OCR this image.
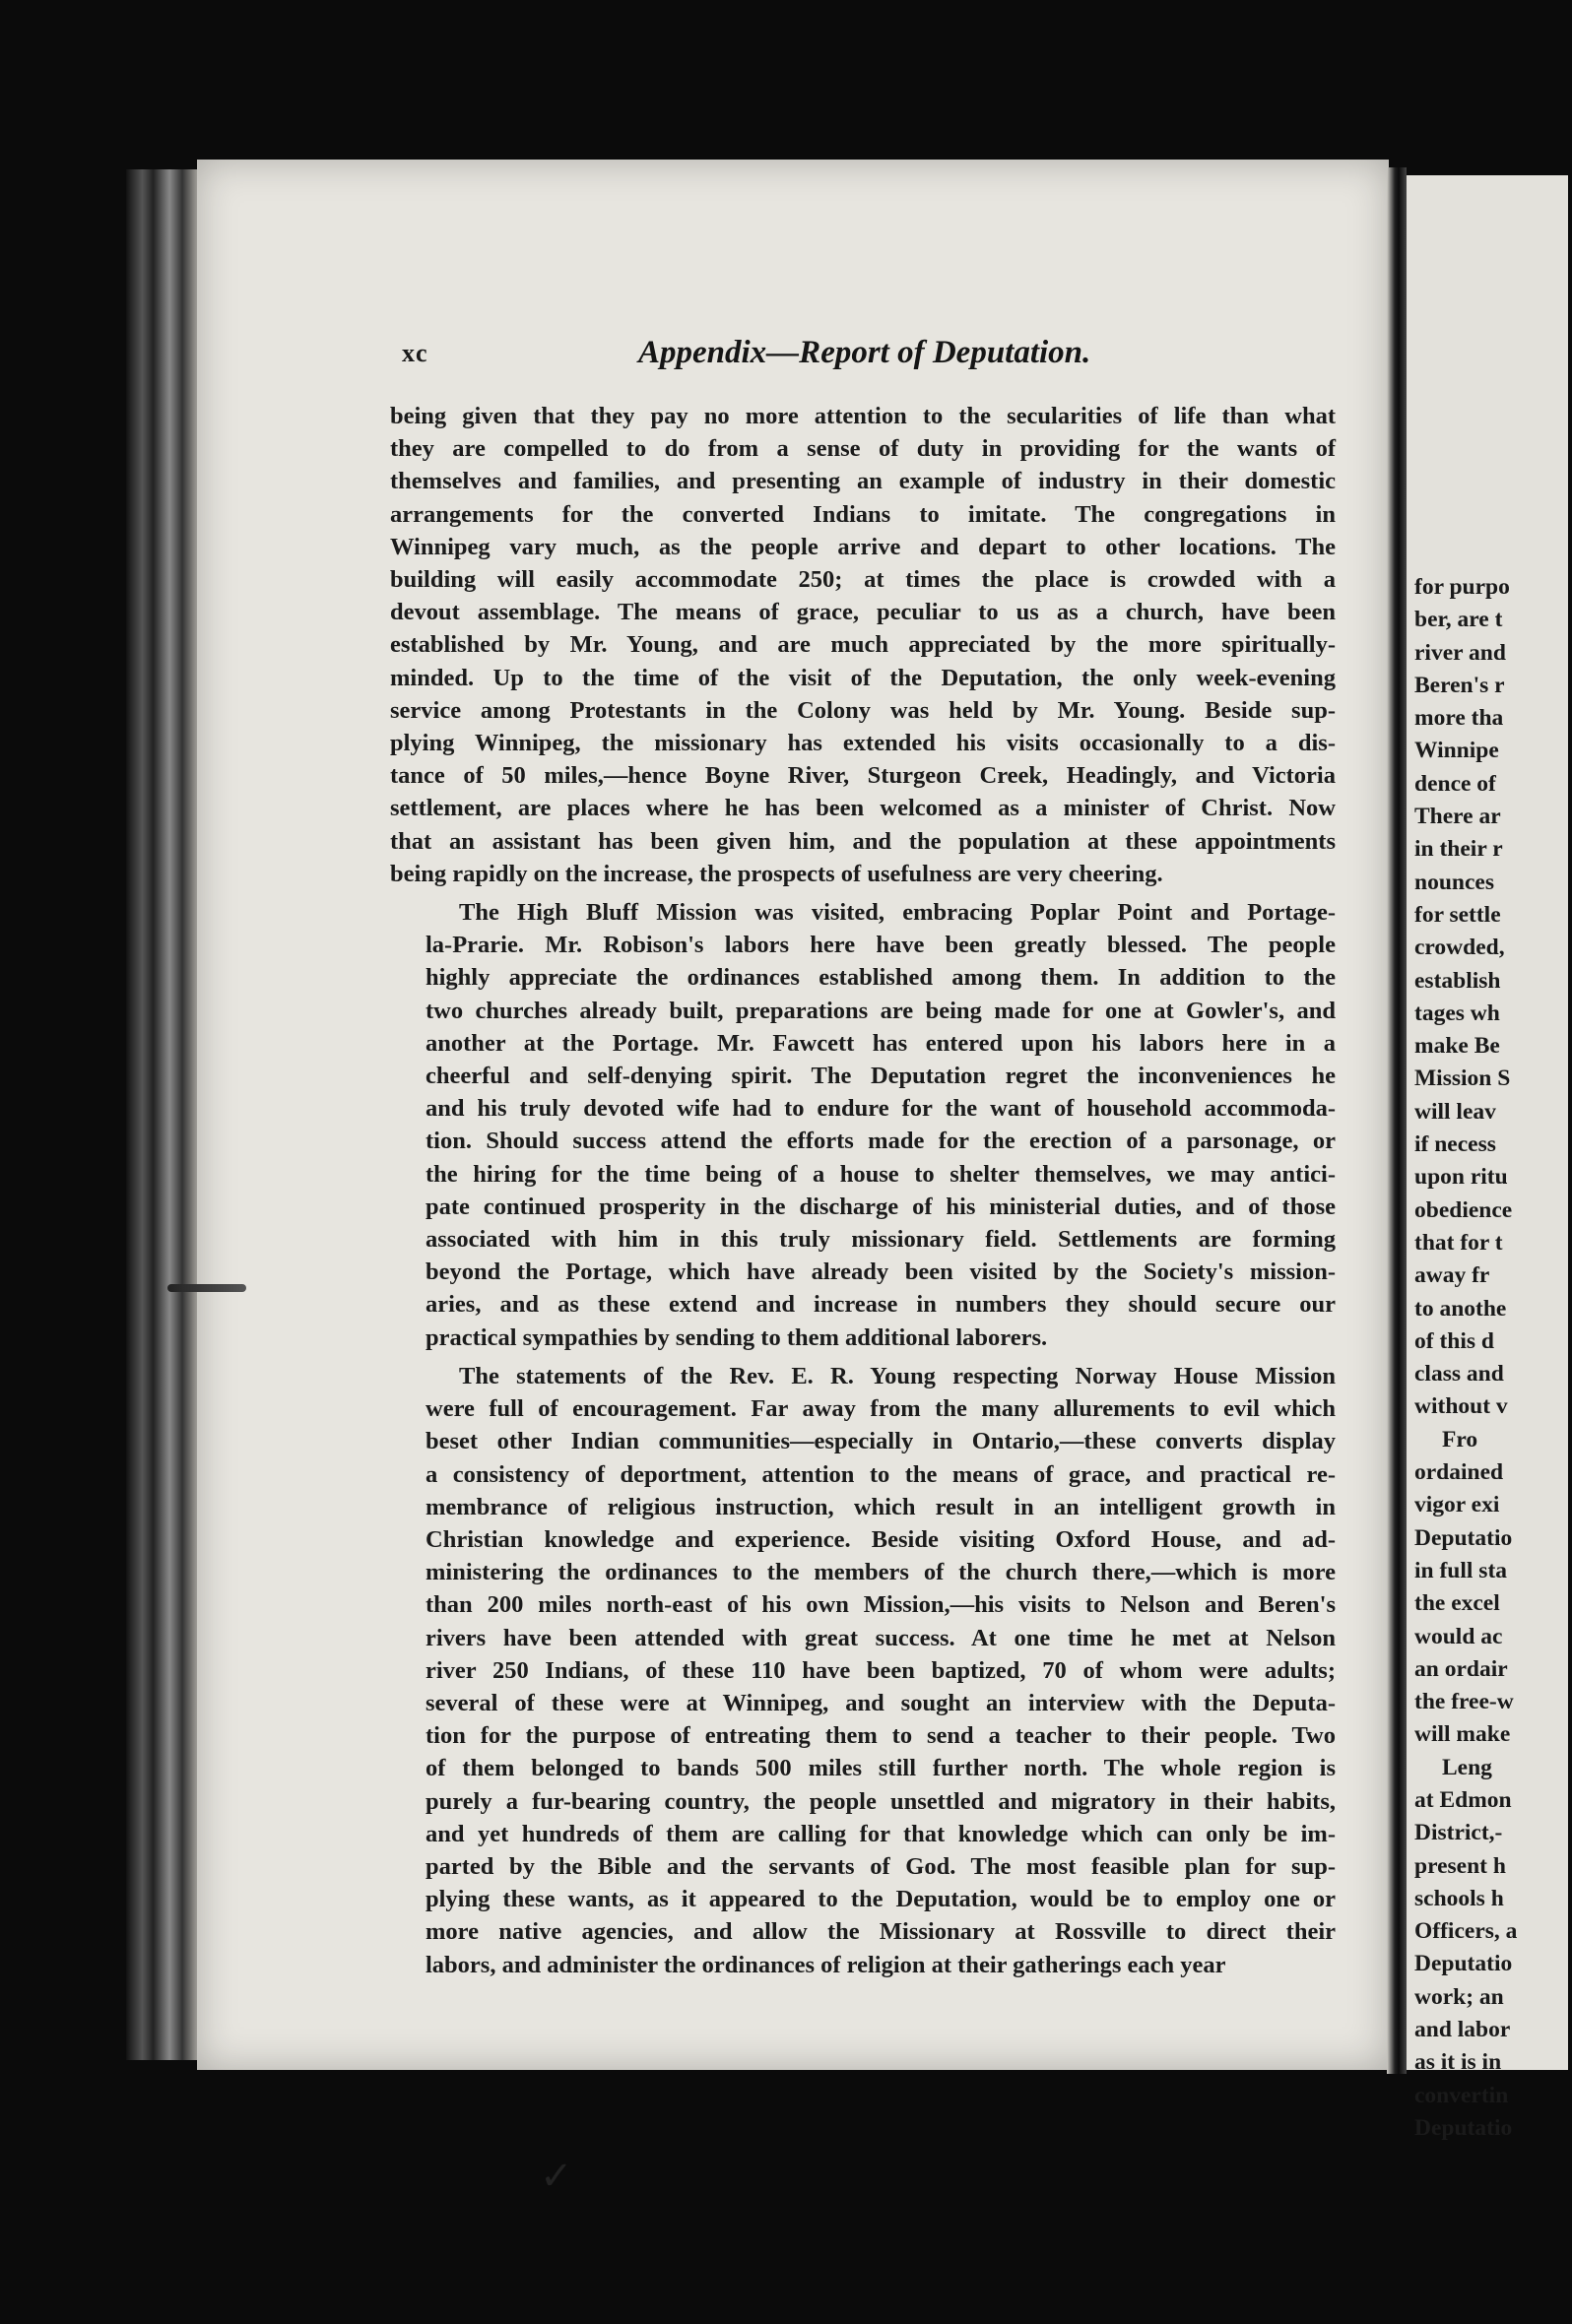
for purpo
ber, are t
river and
Beren's r
more tha
Winnipe
dence of
There ar
in their r
nounces
for settle
crowded,
establish
tages wh
make Be
Mission S
will leav
if necess
upon ritu
obedience
that for t
away fr
to anothe
of this d
class and
without v
Fro
ordained
vigor exi
Deputatio
in full sta
the excel
would ac
an ordair
the free-w
will make
Leng
at Edmon
District,-
present h
schools h
Officers, a
Deputatio
work; an
and labor
as it is in
convertin
Deputatio
✓
xc	Appendix—Report of Deputation.
being given that they pay no more attention to the secularities of life than what
they are compelled to do from a sense of duty in providing for the wants of
themselves and families, and presenting an example of industry in their domestic
arrangements for the converted Indians to imitate. The congregations in
Winnipeg vary much, as the people arrive and depart to other locations. The
building will easily accommodate 250; at times the place is crowded with a
devout assemblage. The means of grace, peculiar to us as a church, have been
established by Mr. Young, and are much appreciated by the more spiritually-
minded. Up to the time of the visit of the Deputation, the only week-evening
service among Protestants in the Colony was held by Mr. Young. Beside sup-
plying Winnipeg, the missionary has extended his visits occasionally to a dis-
tance of 50 miles,—hence Boyne River, Sturgeon Creek, Headingly, and Victoria
settlement, are places where he has been welcomed as a minister of Christ. Now
that an assistant has been given him, and the population at these appointments
being rapidly on the increase, the prospects of usefulness are very cheering.
The High Bluff Mission was visited, embracing Poplar Point and Portage-
la-Prarie. Mr. Robison's labors here have been greatly blessed. The people
highly appreciate the ordinances established among them. In addition to the
two churches already built, preparations are being made for one at Gowler's, and
another at the Portage. Mr. Fawcett has entered upon his labors here in a
cheerful and self-denying spirit. The Deputation regret the inconveniences he
and his truly devoted wife had to endure for the want of household accommoda-
tion. Should success attend the efforts made for the erection of a parsonage, or
the hiring for the time being of a house to shelter themselves, we may antici-
pate continued prosperity in the discharge of his ministerial duties, and of those
associated with him in this truly missionary field. Settlements are forming
beyond the Portage, which have already been visited by the Society's mission-
aries, and as these extend and increase in numbers they should secure our
practical sympathies by sending to them additional laborers.
The statements of the Rev. E. R. Young respecting Norway House Mission
were full of encouragement. Far away from the many allurements to evil which
beset other Indian communities—especially in Ontario,—these converts display
a consistency of deportment, attention to the means of grace, and practical re-
membrance of religious instruction, which result in an intelligent growth in
Christian knowledge and experience. Beside visiting Oxford House, and ad-
ministering the ordinances to the members of the church there,—which is more
than 200 miles north-east of his own Mission,—his visits to Nelson and Beren's
rivers have been attended with great success. At one time he met at Nelson
river 250 Indians, of these 110 have been baptized, 70 of whom were adults;
several of these were at Winnipeg, and sought an interview with the Deputa-
tion for the purpose of entreating them to send a teacher to their people. Two
of them belonged to bands 500 miles still further north. The whole region is
purely a fur-bearing country, the people unsettled and migratory in their habits,
and yet hundreds of them are calling for that knowledge which can only be im-
parted by the Bible and the servants of God. The most feasible plan for sup-
plying these wants, as it appeared to the Deputation, would be to employ one or
more native agencies, and allow the Missionary at Rossville to direct their
labors, and administer the ordinances of religion at their gatherings each year
